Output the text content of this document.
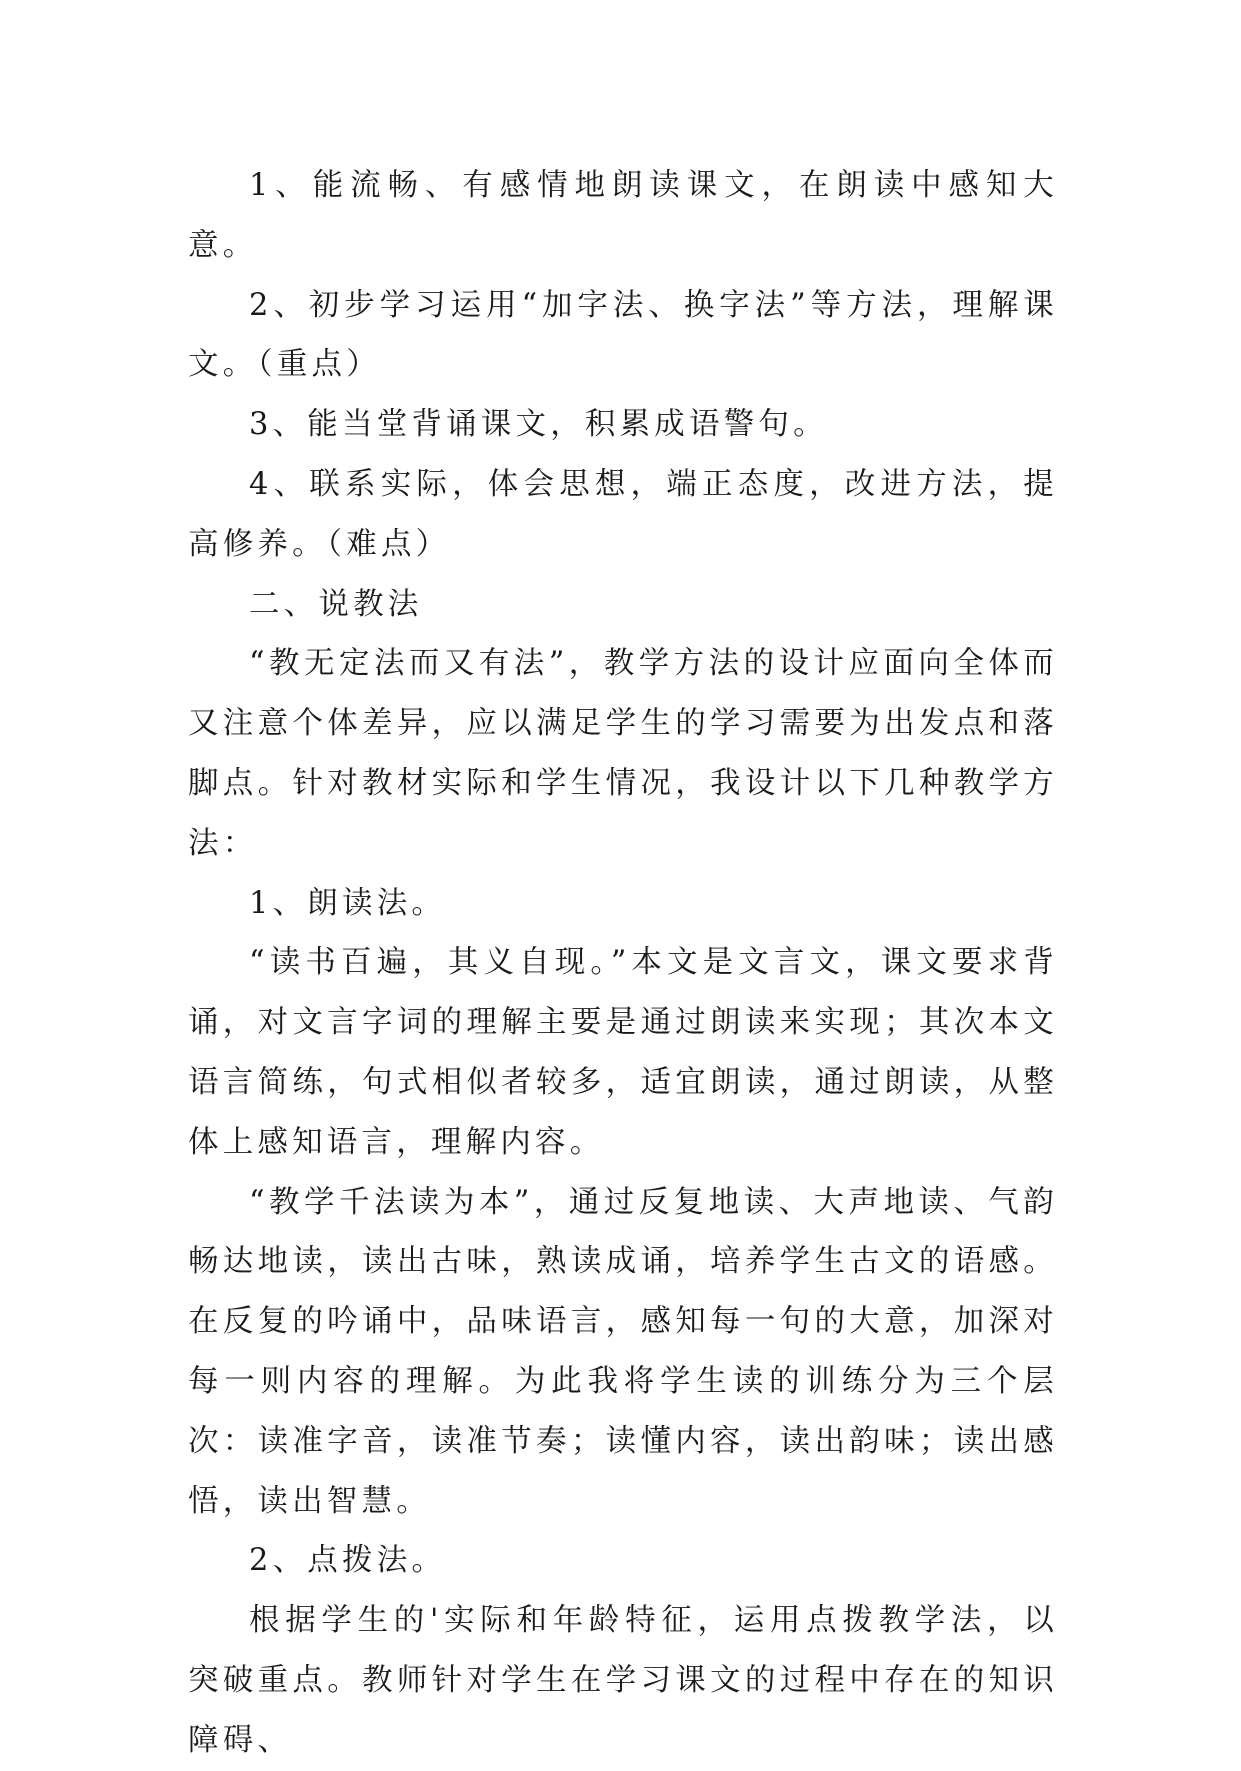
1、能流畅、有感情地朗读课文，在朗读中感知大意。

2、初步学习运用“加字法、换字法”等方法，理解课文。（重点）

3、能当堂背诵课文，积累成语警句。

4、联系实际，体会思想，端正态度，改进方法，提高修养。（难点）

二、说教法

“教无定法而又有法”，教学方法的设计应面向全体而又注意个体差异，应以满足学生的学习需要为出发点和落脚点。针对教材实际和学生情况，我设计以下几种教学方法：

1、朗读法。

“读书百遍，其义自现。”本文是文言文，课文要求背诵，对文言字词的理解主要是通过朗读来实现；其次本文语言简练，句式相似者较多，适宜朗读，通过朗读，从整体上感知语言，理解内容。

“教学千法读为本”，通过反复地读、大声地读、气韵畅达地读，读出古味，熟读成诵，培养学生古文的语感。在反复的吟诵中，品味语言，感知每一句的大意，加深对每一则内容的理解。为此我将学生读的训练分为三个层次：读准字音，读准节奏；读懂内容，读出韵味；读出感悟，读出智慧。

2、点拨法。

根据学生的'实际和年龄特征，运用点拨教学法，以突破重点。教师针对学生在学习课文的过程中存在的知识障碍、
